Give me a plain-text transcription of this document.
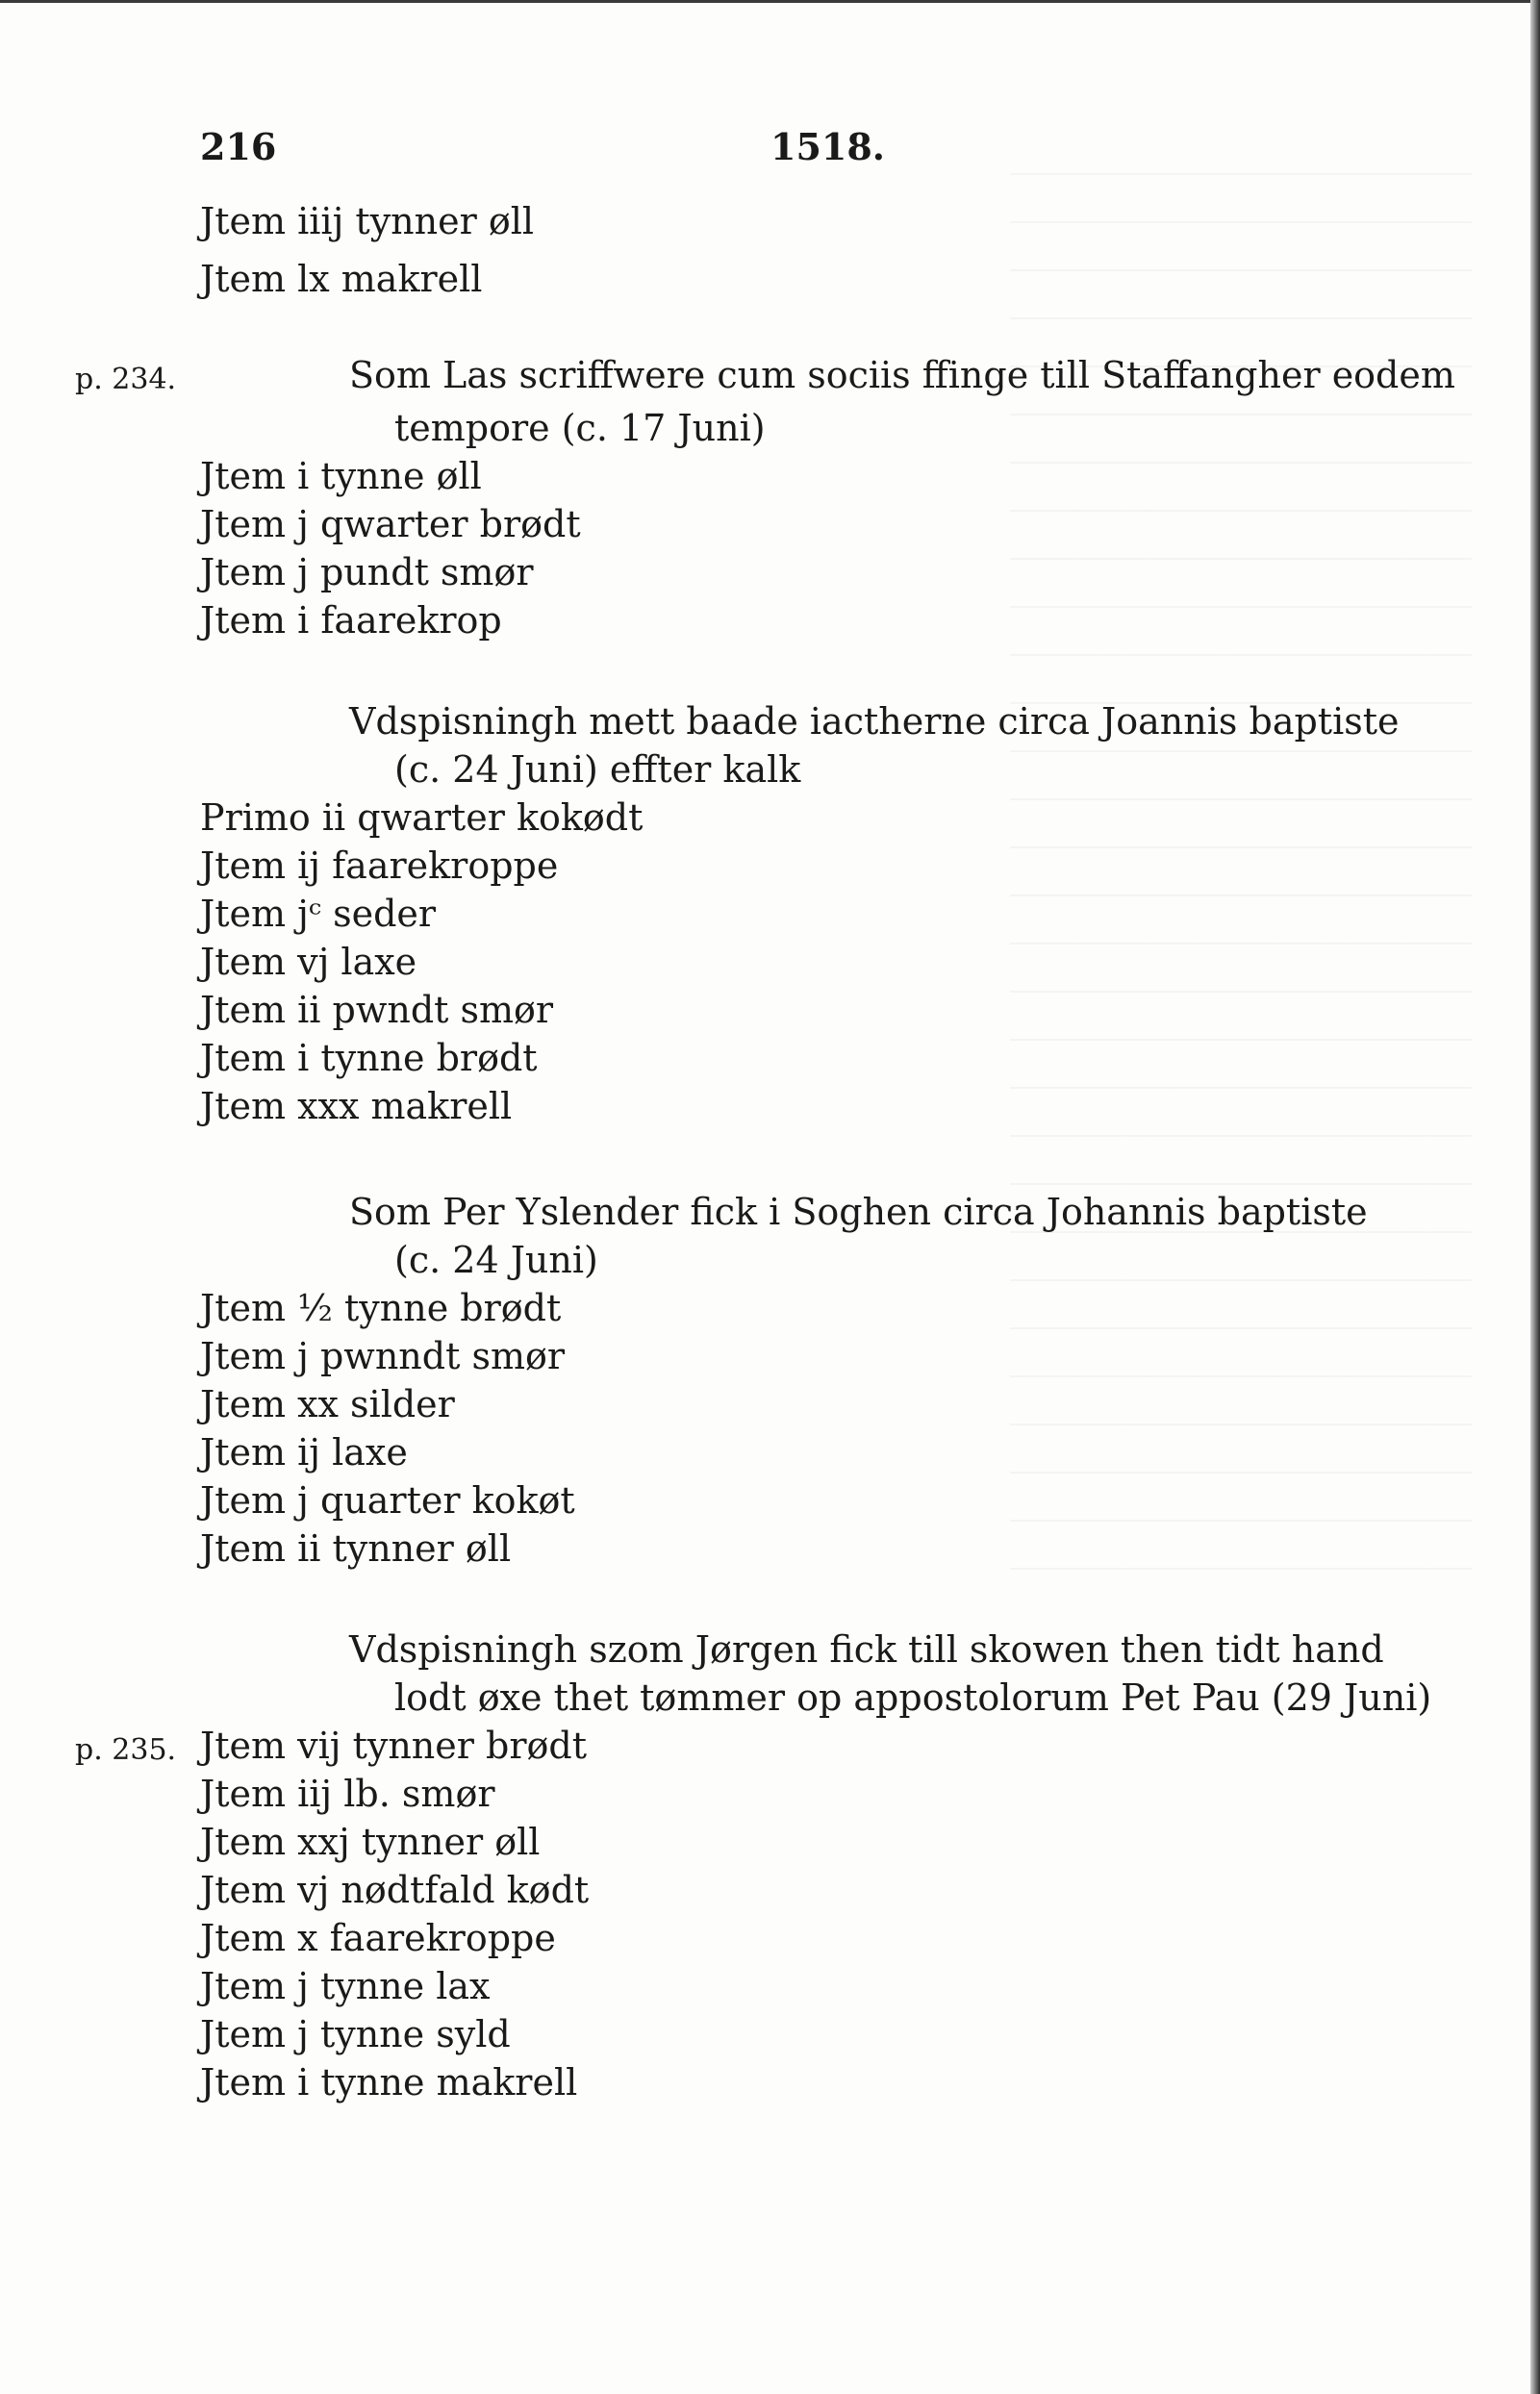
216	1518.
Jtem iiij tynner øll
Jtem lx makrell
p. 234.	Som Las scriffwere cum sociis ffinge till Staffangher eodem
tempore (c. 17 Juni)
Jtem i tynne øll
Jtem j qwarter brødt
Jtem j pundt smør
Jtem i faarekrop
Vdspisningh mett baade iactherne circa Joannis baptiste
(c. 24 Juni) effter kalk
Primo ii qwarter kokødt
Jtem ij faarekroppe
Jtem jᶜ seder
Jtem vj laxe
Jtem ii pwndt smør
Jtem i tynne brødt
Jtem xxx makrell
Som Per Yslender fick i Soghen circa Johannis baptiste
(c. 24 Juni)
Jtem ½ tynne brødt
Jtem j pwnndt smør
Jtem xx silder
Jtem ij laxe
Jtem j quarter kokøt
Jtem ii tynner øll
Vdspisningh szom Jørgen fick till skowen then tidt hand
lodt øxe thet tømmer op appostolorum Pet Pau (29 Juni)
p. 235. Jtem vij tynner brødt
Jtem iij lb. smør
Jtem xxj tynner øll
Jtem vj nødtfald kødt
Jtem x faarekroppe
Jtem j tynne lax
Jtem j tynne syld
Jtem i tynne makrell
